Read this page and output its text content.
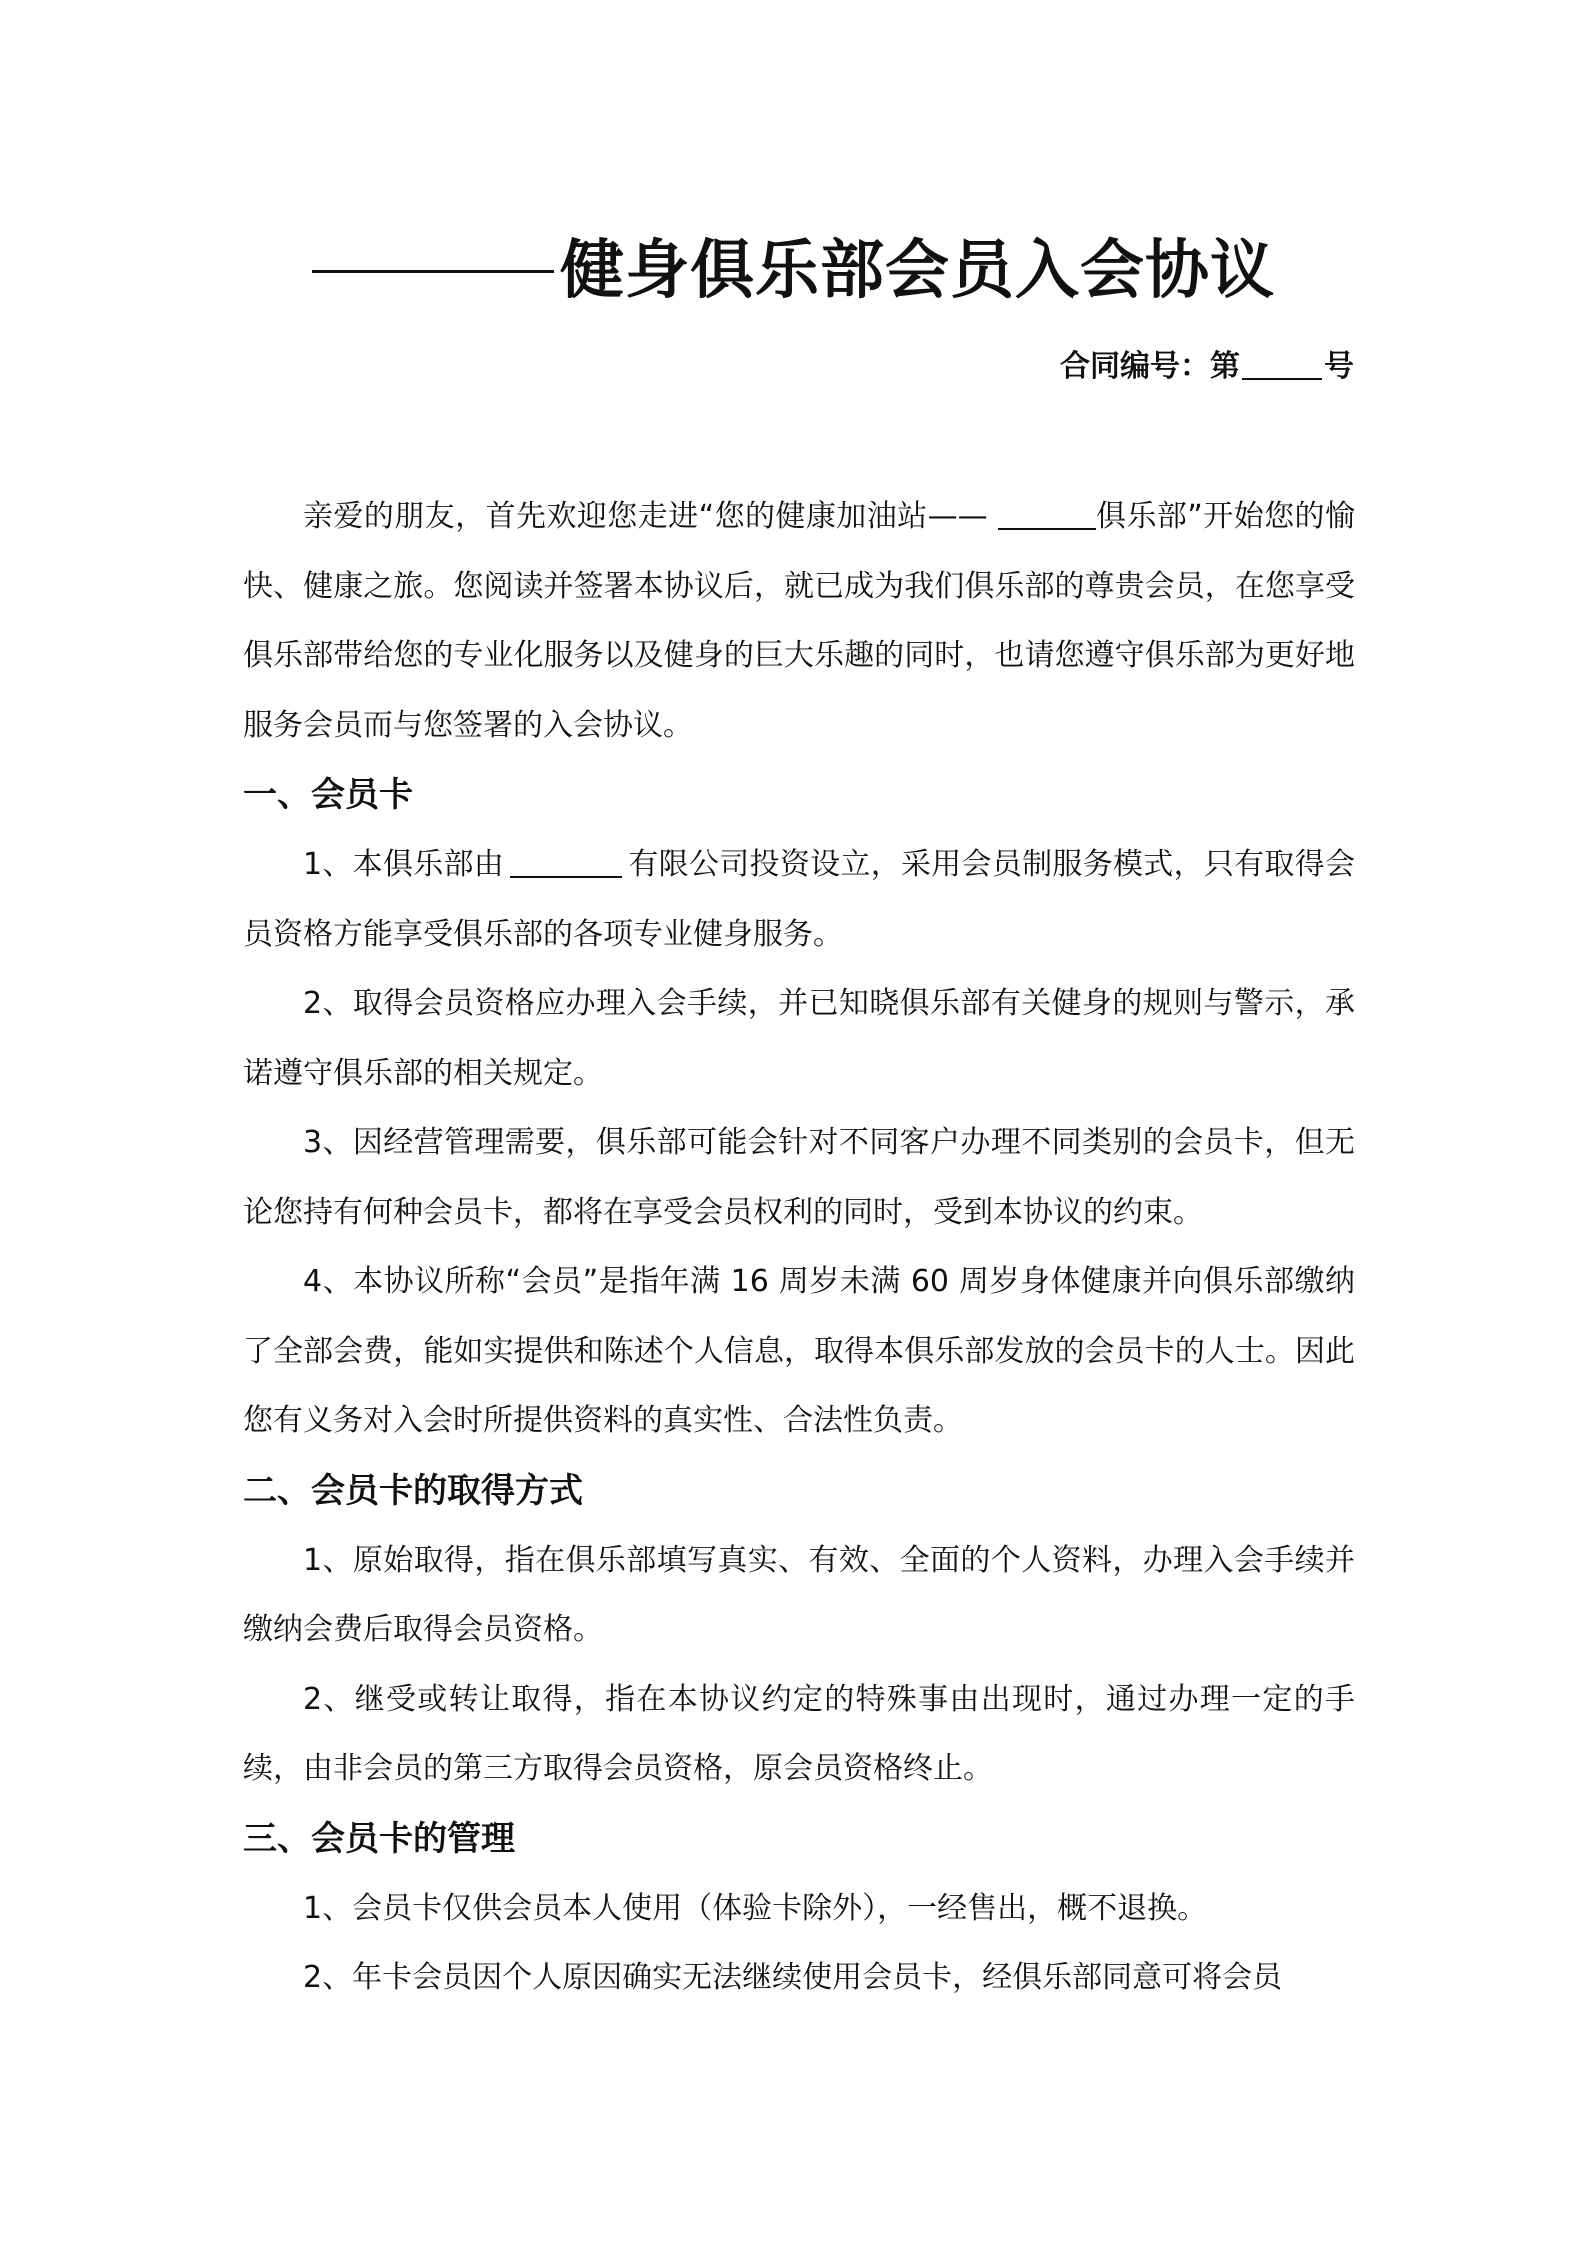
健身俱乐部会员入会协议
合同编号：第	号

亲爱的朋友，首先欢迎您走进“您的健康加油站——	俱乐部”开始您的愉快、健康之旅。您阅读并签署本协议后，就已成为我们俱乐部的尊贵会员，在您享受俱乐部带给您的专业化服务以及健身的巨大乐趣的同时，也请您遵守俱乐部为更好地服务会员而与您签署的入会协议。

一、会员卡

1、本俱乐部由	有限公司投资设立，采用会员制服务模式，只有取得会员资格方能享受俱乐部的各项专业健身服务。

2、取得会员资格应办理入会手续，并已知晓俱乐部有关健身的规则与警示，承诺遵守俱乐部的相关规定。

3、因经营管理需要，俱乐部可能会针对不同客户办理不同类别的会员卡，但无论您持有何种会员卡，都将在享受会员权利的同时，受到本协议的约束。

4、本协议所称“会员”是指年满 16 周岁未满 60 周岁身体健康并向俱乐部缴纳了全部会费，能如实提供和陈述个人信息，取得本俱乐部发放的会员卡的人士。因此您有义务对入会时所提供资料的真实性、合法性负责。

二、会员卡的取得方式

1、原始取得，指在俱乐部填写真实、有效、全面的个人资料，办理入会手续并缴纳会费后取得会员资格。

2、继受或转让取得，指在本协议约定的特殊事由出现时，通过办理一定的手续，由非会员的第三方取得会员资格，原会员资格终止。

三、会员卡的管理

1、会员卡仅供会员本人使用（体验卡除外），一经售出，概不退换。

2、年卡会员因个人原因确实无法继续使用会员卡，经俱乐部同意可将会员
